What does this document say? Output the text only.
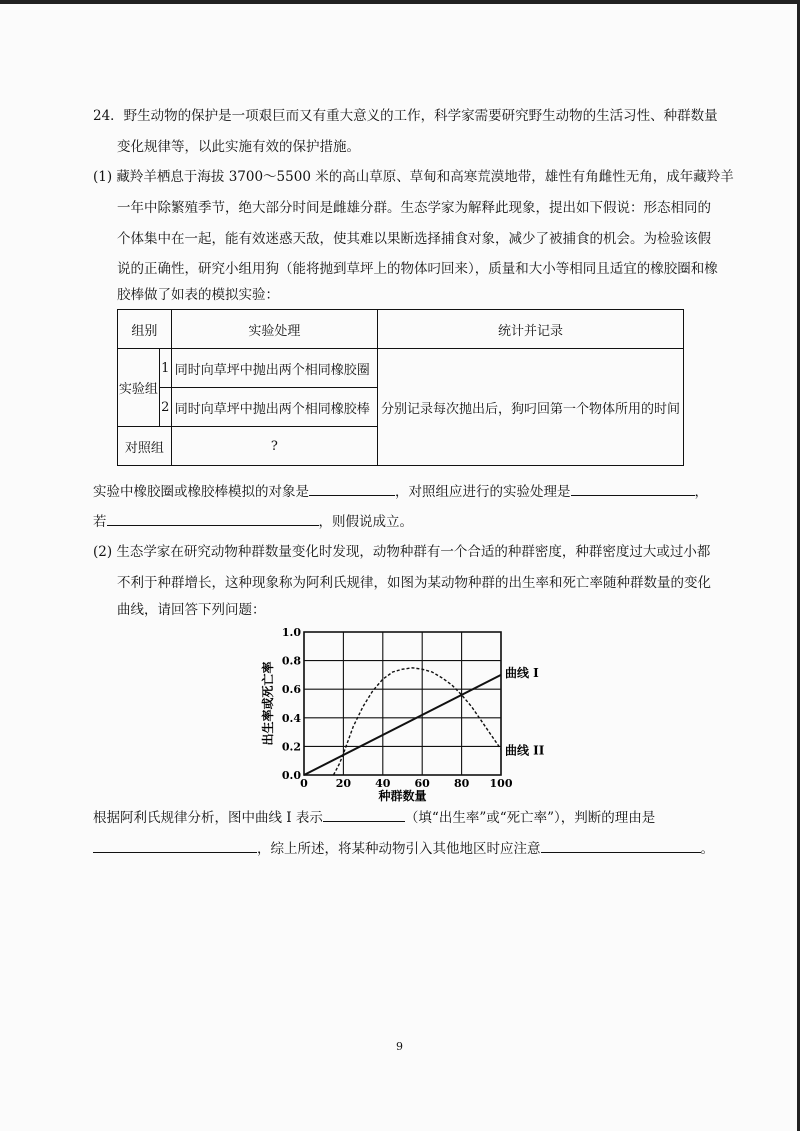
24．野生动物的保护是一项艰巨而又有重大意义的工作，科学家需要研究野生动物的生活习性、种群数量
变化规律等，以此实施有效的保护措施。
(1) 藏羚羊栖息于海拔 3700～5500 米的高山草原、草甸和高寒荒漠地带，雄性有角雌性无角，成年藏羚羊
一年中除繁殖季节，绝大部分时间是雌雄分群。生态学家为解释此现象，提出如下假说：形态相同的
个体集中在一起，能有效迷惑天敌，使其难以果断选择捕食对象，减少了被捕食的机会。为检验该假
说的正确性，研究小组用狗（能将抛到草坪上的物体叼回来），质量和大小等相同且适宜的橡胶圈和橡
胶棒做了如表的模拟实验：
组别		实验处理	统计并记录
实验组	1	同时向草坪中抛出两个相同橡胶圈	分别记录每次抛出后，狗叼回第一个物体所用的时间
	2	同时向草坪中抛出两个相同橡胶棒	
对照组		?	
实验中橡胶圈或橡胶棒模拟的对象是	，对照组应进行的实验处理是	，
若	，则假说成立。
(2) 生态学家在研究动物种群数量变化时发现，动物种群有一个合适的种群密度，种群密度过大或过小都
不利于种群增长，这种现象称为阿利氏规律，如图为某动物种群的出生率和死亡率随种群数量的变化
曲线，请回答下列问题：
0.0
0.2
0.4
0.6
0.8
1.0
0	20 40 60 80 100
种群数量
出生率或死亡率	曲线 I
曲线 II
根据阿利氏规律分析，图中曲线 I 表示	（填“出生率”或“死亡率”），判断的理由是
，综上所述，将某种动物引入其他地区时应注意	。
9
